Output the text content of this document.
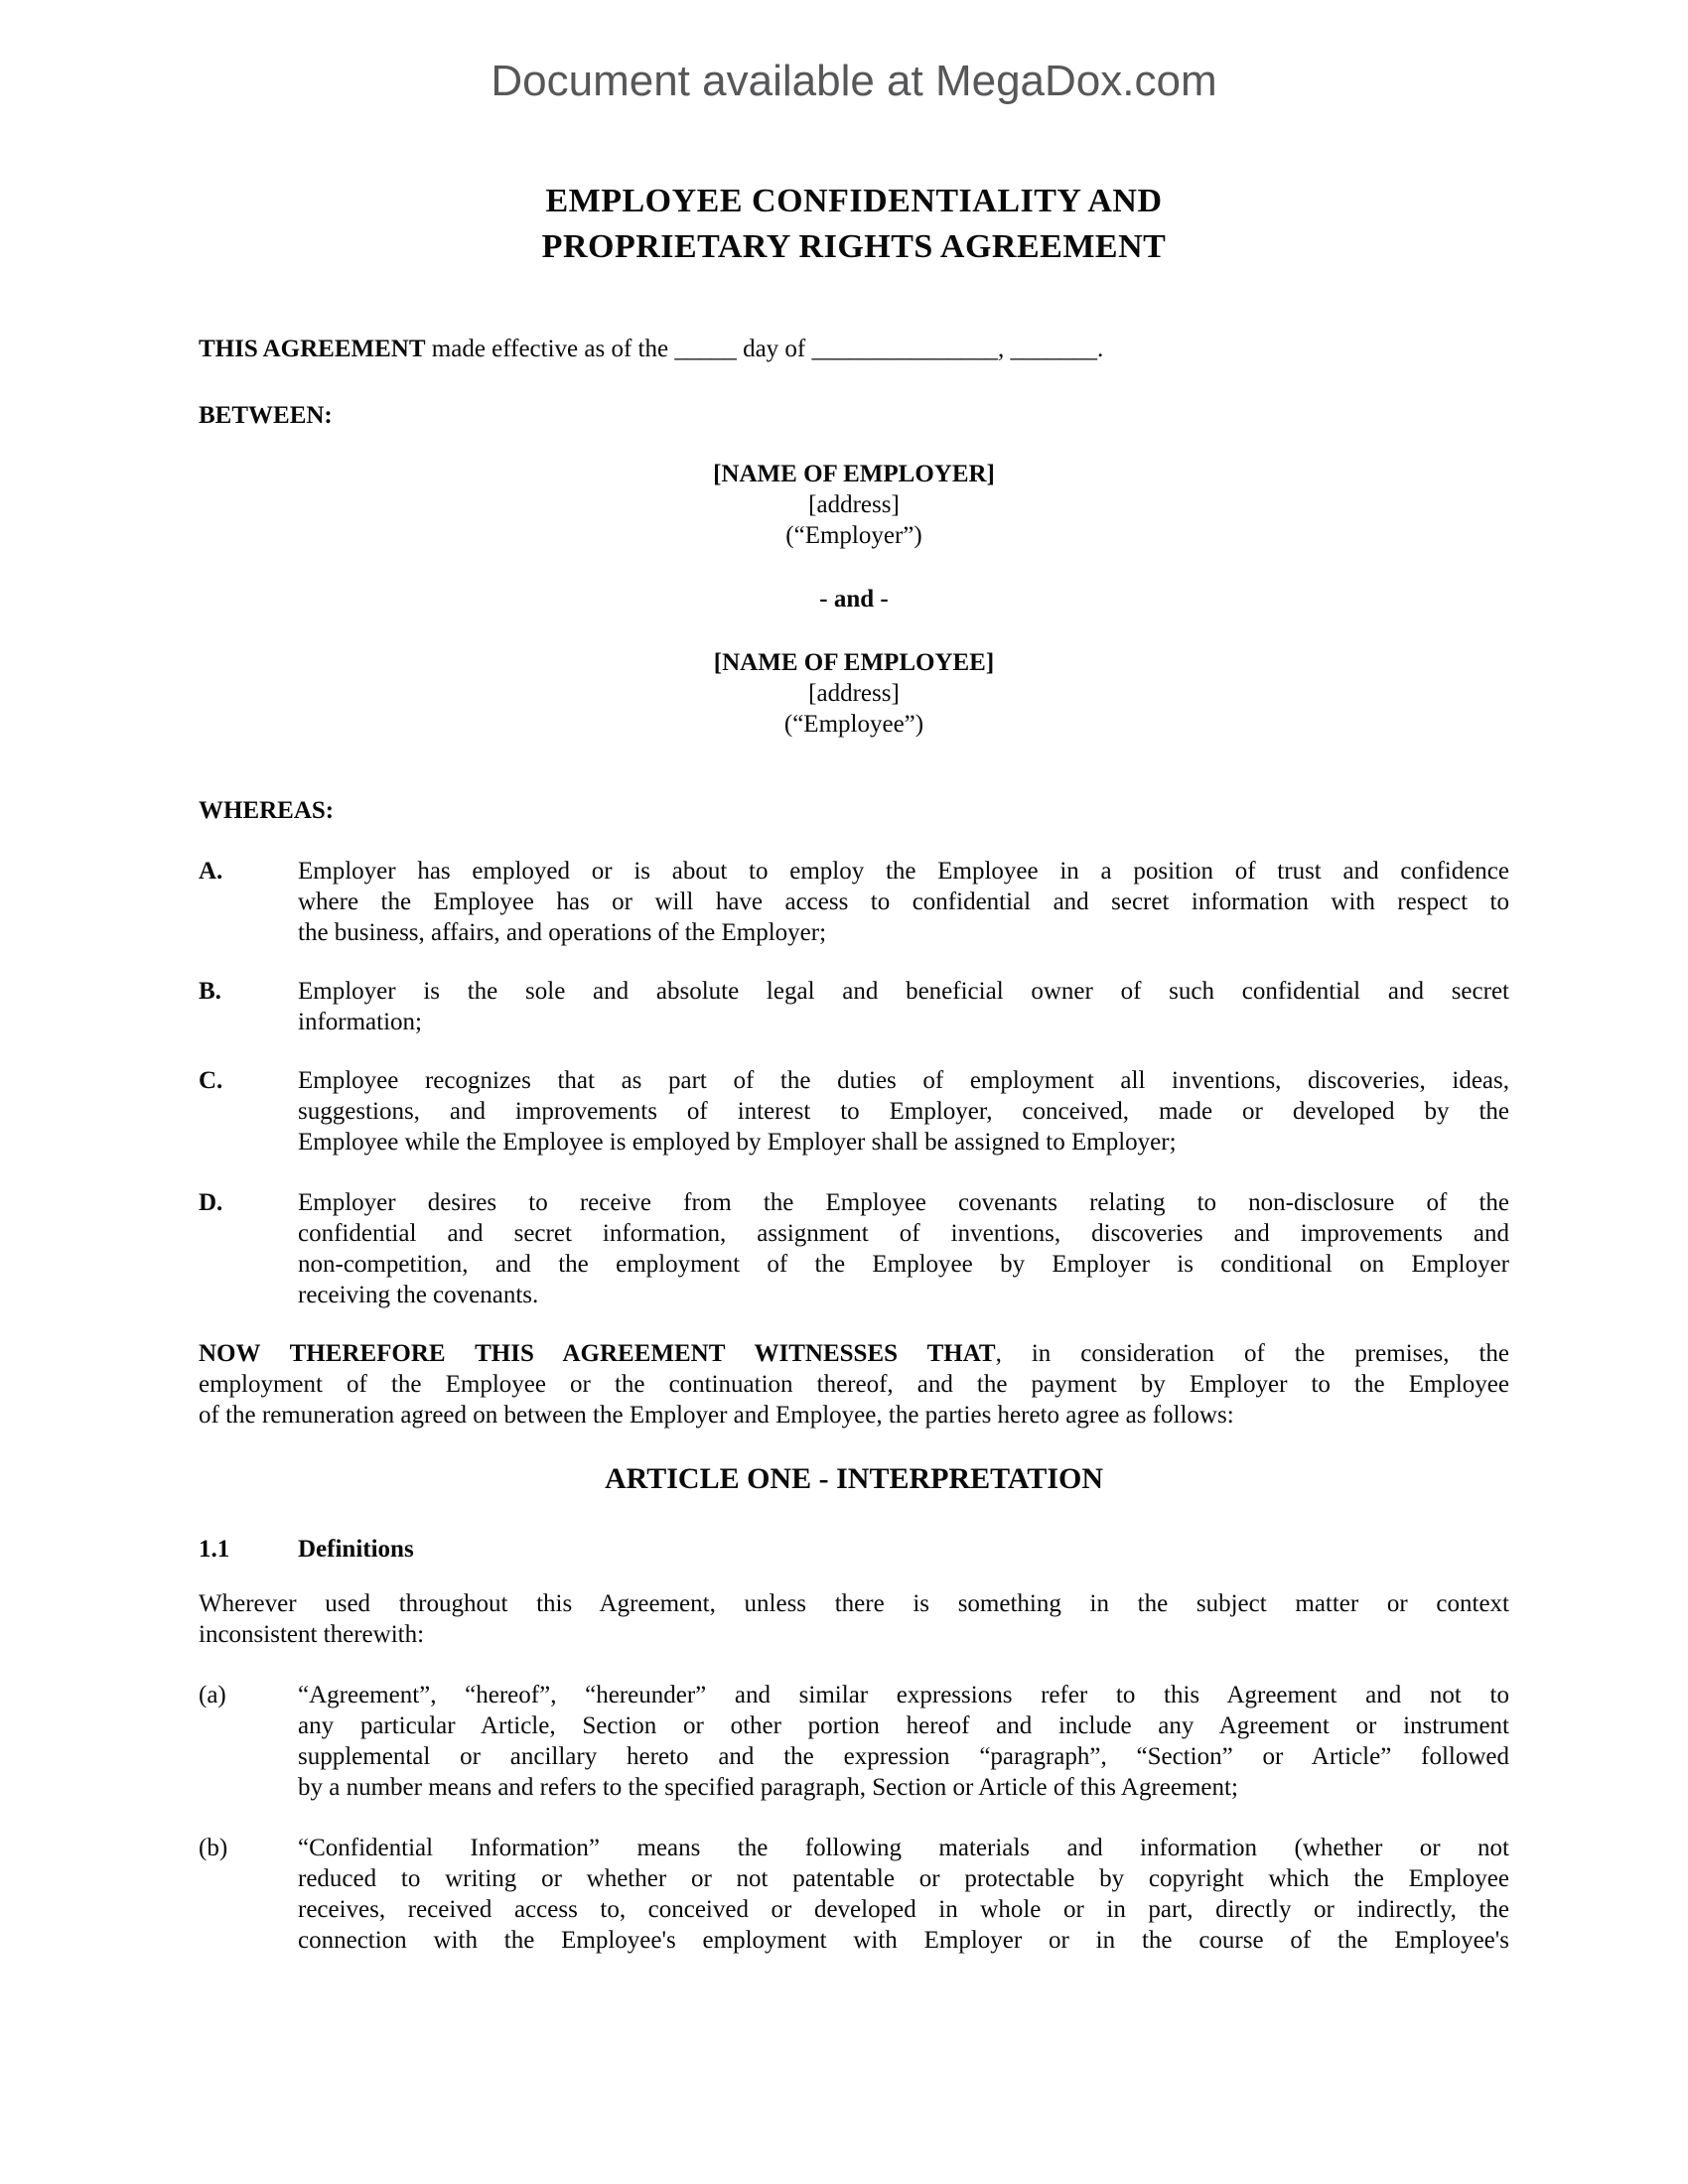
Document available at MegaDox.com
EMPLOYEE CONFIDENTIALITY AND
PROPRIETARY RIGHTS AGREEMENT
THIS AGREEMENT made effective as of the _____ day of _______________, _______.
BETWEEN:
[NAME OF EMPLOYER]
[address]
(“Employer”)
- and -
[NAME OF EMPLOYEE]
[address]
(“Employee”)
WHEREAS:
A.	Employer has employed or is about to employ the Employee in a position of trust and confidence
where the Employee has or will have access to confidential and secret information with respect to
the business, affairs, and operations of the Employer;
B.	Employer is the sole and absolute legal and beneficial owner of such confidential and secret
information;
C.	Employee recognizes that as part of the duties of employment all inventions, discoveries, ideas,
suggestions, and improvements of interest to Employer, conceived, made or developed by the
Employee while the Employee is employed by Employer shall be assigned to Employer;
D.	Employer desires to receive from the Employee covenants relating to non-disclosure of the
confidential and secret information, assignment of inventions, discoveries and improvements and
non-competition, and the employment of the Employee by Employer is conditional on Employer
receiving the covenants.
NOW THEREFORE THIS AGREEMENT WITNESSES THAT, in consideration of the premises, the
employment of the Employee or the continuation thereof, and the payment by Employer to the Employee
of the remuneration agreed on between the Employer and Employee, the parties hereto agree as follows:
ARTICLE ONE - INTERPRETATION
1.1	Definitions
Wherever used throughout this Agreement, unless there is something in the subject matter or context
inconsistent therewith:
(a)	“Agreement”, “hereof”, “hereunder” and similar expressions refer to this Agreement and not to
any particular Article, Section or other portion hereof and include any Agreement or instrument
supplemental or ancillary hereto and the expression “paragraph”, “Section” or Article” followed
by a number means and refers to the specified paragraph, Section or Article of this Agreement;
(b)	“Confidential Information” means the following materials and information (whether or not
reduced to writing or whether or not patentable or protectable by copyright which the Employee
receives, received access to, conceived or developed in whole or in part, directly or indirectly, the
connection with the Employee's employment with Employer or in the course of the Employee's
